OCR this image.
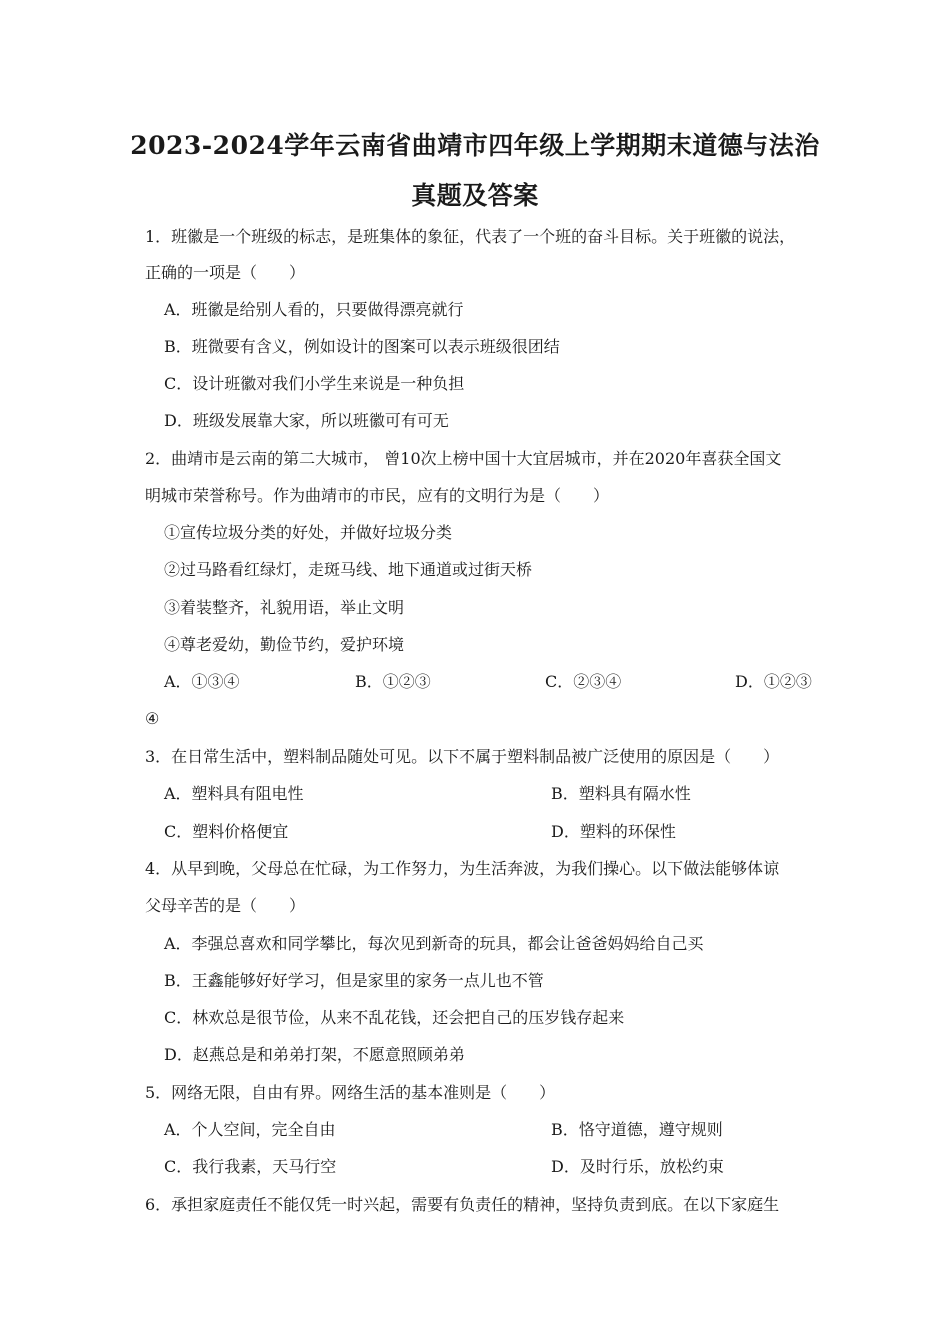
2023-2024学年云南省曲靖市四年级上学期期末道德与法治
真题及答案
1．班徽是一个班级的标志，是班集体的象征，代表了一个班的奋斗目标。关于班徽的说法，
正确的一项是（　　）
A．班徽是给别人看的，只要做得漂亮就行
B．班微要有含义，例如设计的图案可以表示班级很团结
C．设计班徽对我们小学生来说是一种负担
D．班级发展靠大家，所以班徽可有可无
2．曲靖市是云南的第二大城市， 曾10次上榜中国十大宜居城市，并在2020年喜获全国文
明城市荣誉称号。作为曲靖市的市民，应有的文明行为是（　　）
①宣传垃圾分类的好处，并做好垃圾分类
②过马路看红绿灯，走斑马线、地下通道或过街天桥
③着装整齐，礼貌用语，举止文明
④尊老爱幼，勤俭节约，爱护环境
A．①③④	B．①②③	C．②③④	D．①②③
④
3．在日常生活中，塑料制品随处可见。以下不属于塑料制品被广泛使用的原因是（　　）
A．塑料具有阻电性	B．塑料具有隔水性
C．塑料价格便宜	D．塑料的环保性
4．从早到晚，父母总在忙碌，为工作努力，为生活奔波，为我们操心。以下做法能够体谅
父母辛苦的是（　　）
A．李强总喜欢和同学攀比，每次见到新奇的玩具，都会让爸爸妈妈给自己买
B．王鑫能够好好学习，但是家里的家务一点儿也不管
C．林欢总是很节俭，从来不乱花钱，还会把自己的压岁钱存起来
D．赵燕总是和弟弟打架，不愿意照顾弟弟
5．网络无限，自由有界。网络生活的基本准则是（　　）
A．个人空间，完全自由	B．恪守道德，遵守规则
C．我行我素，天马行空	D．及时行乐，放松约束
6．承担家庭责任不能仅凭一时兴起，需要有负责任的精神，坚持负责到底。在以下家庭生
